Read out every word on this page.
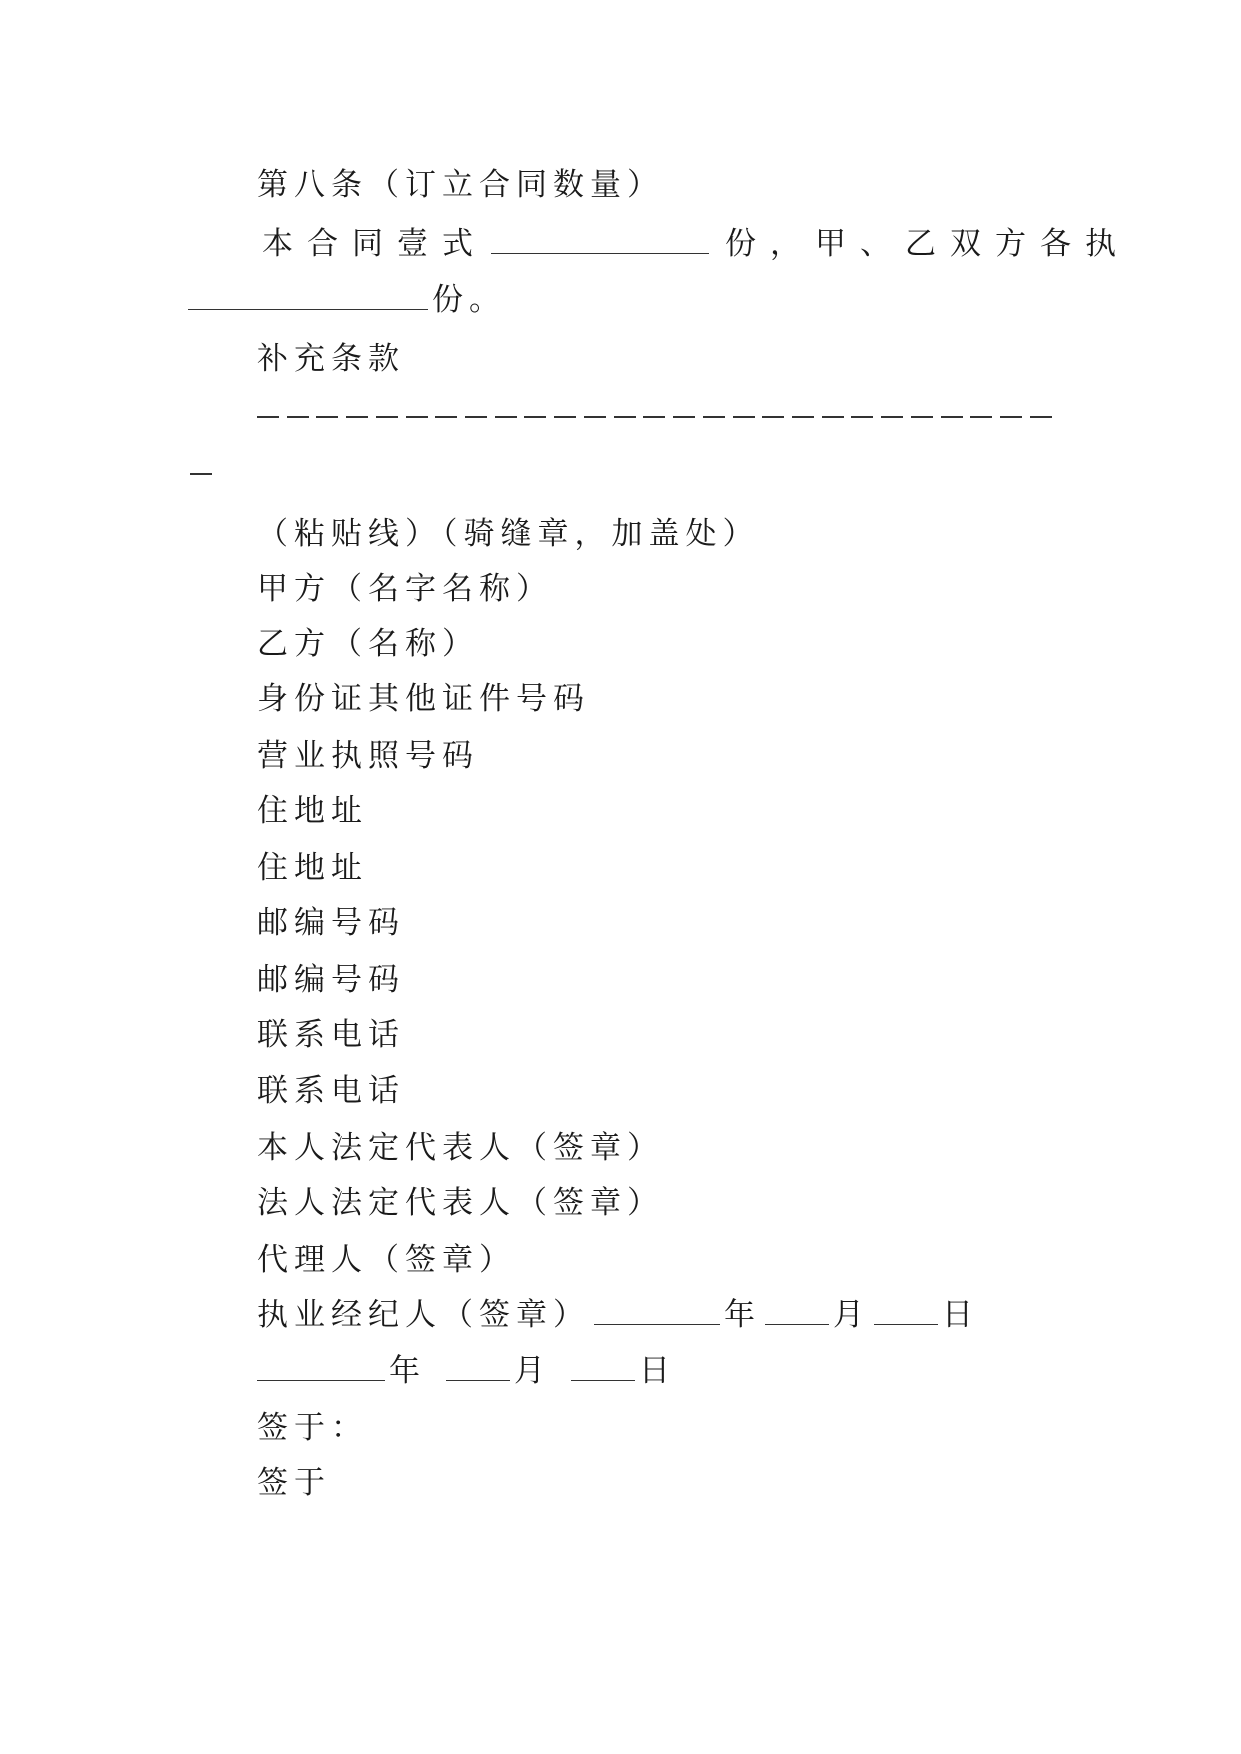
第八条（订立合同数量）
本合同壹式	份，甲、乙双方各执
份。
补充条款
（粘贴线）（骑缝章，加盖处）
甲方（名字名称）
乙方（名称）
身份证其他证件号码
营业执照号码
住地址
住地址
邮编号码
邮编号码
联系电话
联系电话
本人法定代表人（签章）
法人法定代表人（签章）
代理人（签章）
执业经纪人（签章）	年 月 日
年	月	日
签于：
签于
